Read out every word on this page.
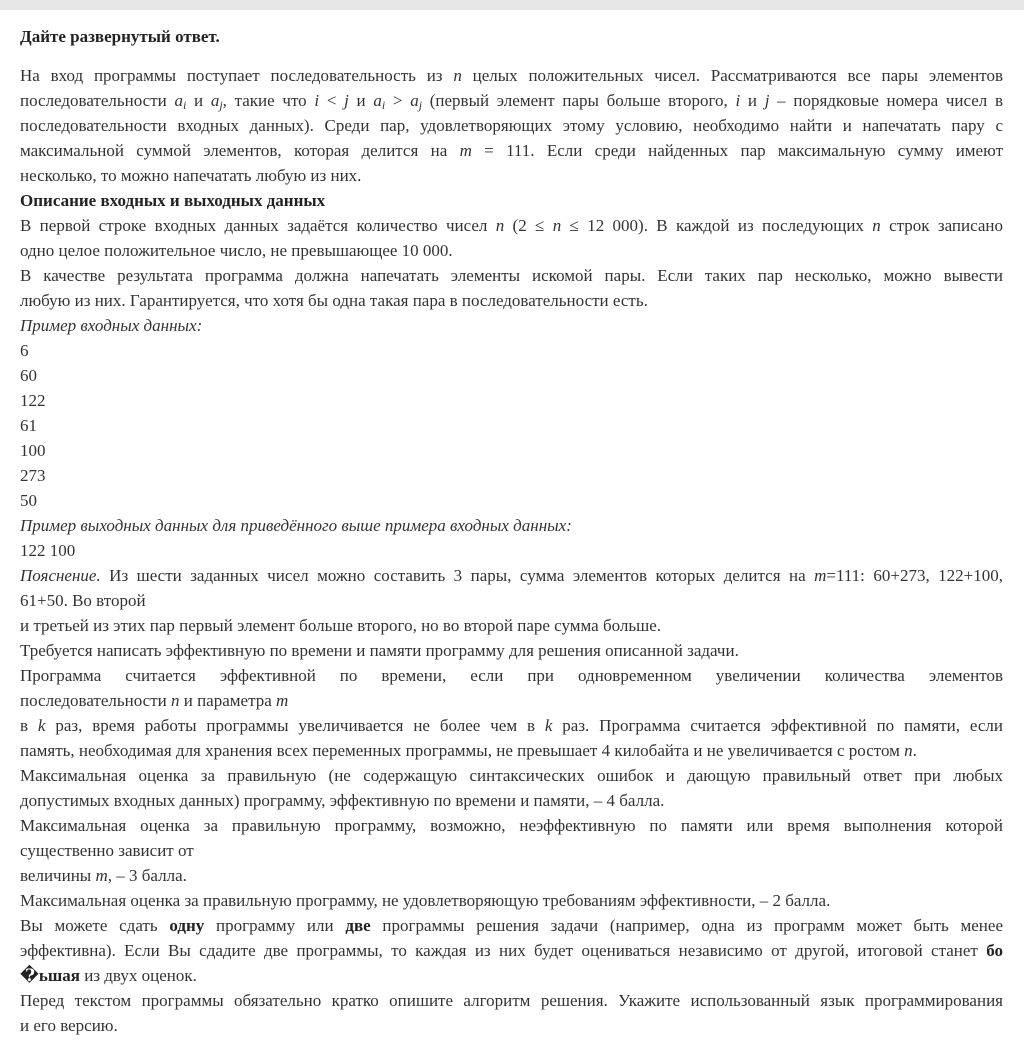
Дайте развернутый ответ.
На вход программы поступает последовательность из n целых положительных чисел. Рассматриваются все пары элементов
последовательности $a_i$ и $a_j$, такие что i < j и $a_i > a_j$ (первый элемент пары больше второго, i и j – порядковые номера чисел в
последовательности входных данных). Среди пар, удовлетворяющих этому условию, необходимо найти и напечатать пару с
максимальной суммой элементов, которая делится на m = 111. Если среди найденных пар максимальную сумму имеют
несколько, то можно напечатать любую из них.
Описание входных и выходных данных
В первой строке входных данных задаётся количество чисел n (2 ≤ n ≤ 12 000). В каждой из последующих n строк записано
одно целое положительное число, не превышающее 10 000.
В качестве результата программа должна напечатать элементы искомой пары. Если таких пар несколько, можно вывести
любую из них. Гарантируется, что хотя бы одна такая пара в последовательности есть.
Пример входных данных:
6
60
122
61
100
273
50
Пример выходных данных для приведённого выше примера входных данных:
122 100
Пояснение. Из шести заданных чисел можно составить 3 пары, сумма элементов которых делится на m=111: 60+273, 122+100,
61+50. Во второй
и третьей из этих пар первый элемент больше второго, но во второй паре сумма больше.
Требуется написать эффективную по времени и памяти программу для решения описанной задачи.
Программа считается эффективной по времени, если при одновременном увеличении количества элементов
последовательности n и параметра m
в k раз, время работы программы увеличивается не более чем в k раз. Программа считается эффективной по памяти, если
память, необходимая для хранения всех переменных программы, не превышает 4 килобайта и не увеличивается с ростом n.
Максимальная оценка за правильную (не содержащую синтаксических ошибок и дающую правильный ответ при любых
допустимых входных данных) программу, эффективную по времени и памяти, – 4 балла.
Максимальная оценка за правильную программу, возможно, неэффективную по памяти или время выполнения которой
существенно зависит от
величины m, – 3 балла.
Максимальная оценка за правильную программу, не удовлетворяющую требованиям эффективности, – 2 балла.
Вы можете сдать одну программу или две программы решения задачи (например, одна из программ может быть менее
эффективна). Если Вы сдадите две программы, то каждая из них будет оцениваться независимо от другой, итоговой станет бо
�ьшая из двух оценок.
Перед текстом программы обязательно кратко опишите алгоритм решения. Укажите использованный язык программирования
и его версию.
